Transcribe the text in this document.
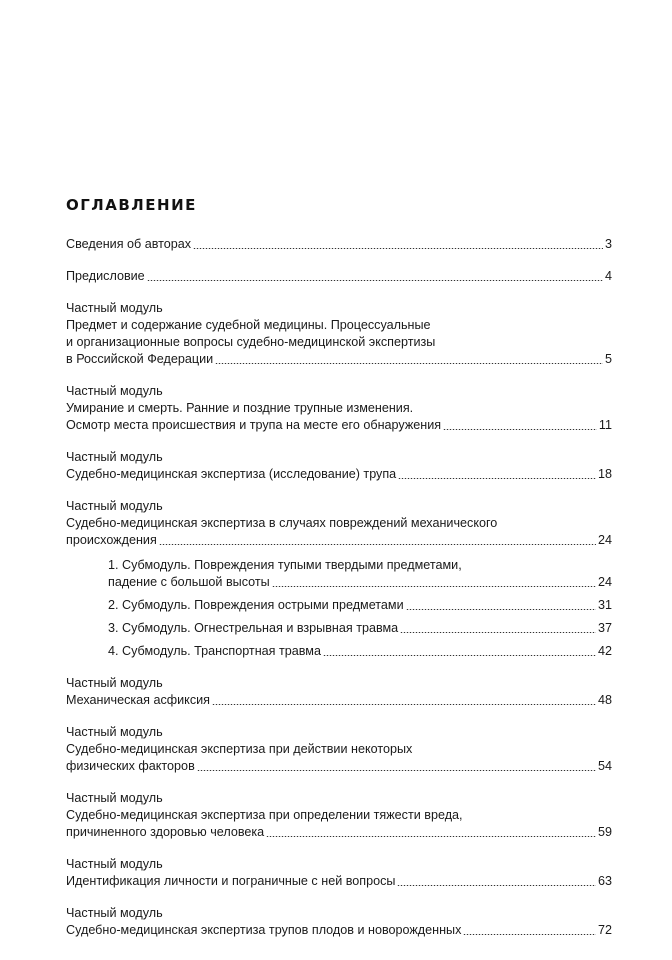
ОГЛАВЛЕНИЕ
Сведения об авторах	3
Предисловие	4
Частный модуль
Предмет и содержание судебной медицины. Процессуальные
и организационные вопросы судебно-медицинской экспертизы
в Российской Федерации	5
Частный модуль
Умирание и смерть. Ранние и поздние трупные изменения.
Осмотр места происшествия и трупа на месте его обнаружения	11
Частный модуль
Судебно-медицинская экспертиза (исследование) трупа	18
Частный модуль
Судебно-медицинская экспертиза в случаях повреждений механического
происхождения	24
1. Субмодуль. Повреждения тупыми твердыми предметами,
падение с большой высоты	24
2. Субмодуль. Повреждения острыми предметами	31
3. Субмодуль. Огнестрельная и взрывная травма	37
4. Субмодуль. Транспортная травма	42
Частный модуль
Механическая асфиксия	48
Частный модуль
Судебно-медицинская экспертиза при действии некоторых
физических факторов	54
Частный модуль
Судебно-медицинская экспертиза при определении тяжести вреда,
причиненного здоровью человека	59
Частный модуль
Идентификация личности и пограничные с ней вопросы	63
Частный модуль
Судебно-медицинская экспертиза трупов плодов и новорожденных	72
